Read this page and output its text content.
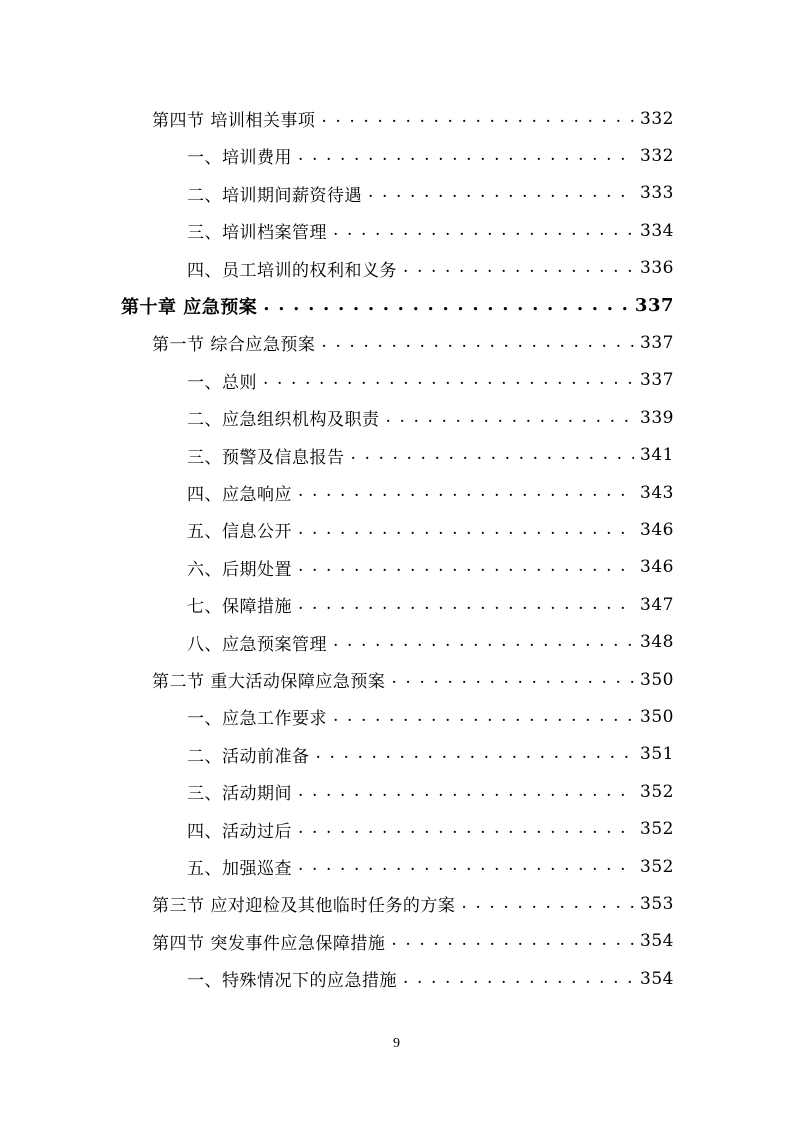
第四节 培训相关事项 . . .	332
一、培训费用 . . .	332
二、培训期间薪资待遇 . . .	333
三、培训档案管理 . . .	334
四、员工培训的权利和义务 . . .	336
第十章 应急预案 . . .	337
第一节 综合应急预案 . . .	337
一、总则 . . .	337
二、应急组织机构及职责 . . .	339
三、预警及信息报告 . . .	341
四、应急响应 . . .	343
五、信息公开 . . .	346
六、后期处置 . . .	346
七、保障措施 . . .	347
八、应急预案管理 . . .	348
第二节 重大活动保障应急预案 . . .	350
一、应急工作要求 . . .	350
二、活动前准备 . . .	351
三、活动期间 . . .	352
四、活动过后 . . .	352
五、加强巡查 . . .	352
第三节 应对迎检及其他临时任务的方案 . . .	353
第四节 突发事件应急保障措施 . . .	354
一、特殊情况下的应急措施 . . .	354
9
